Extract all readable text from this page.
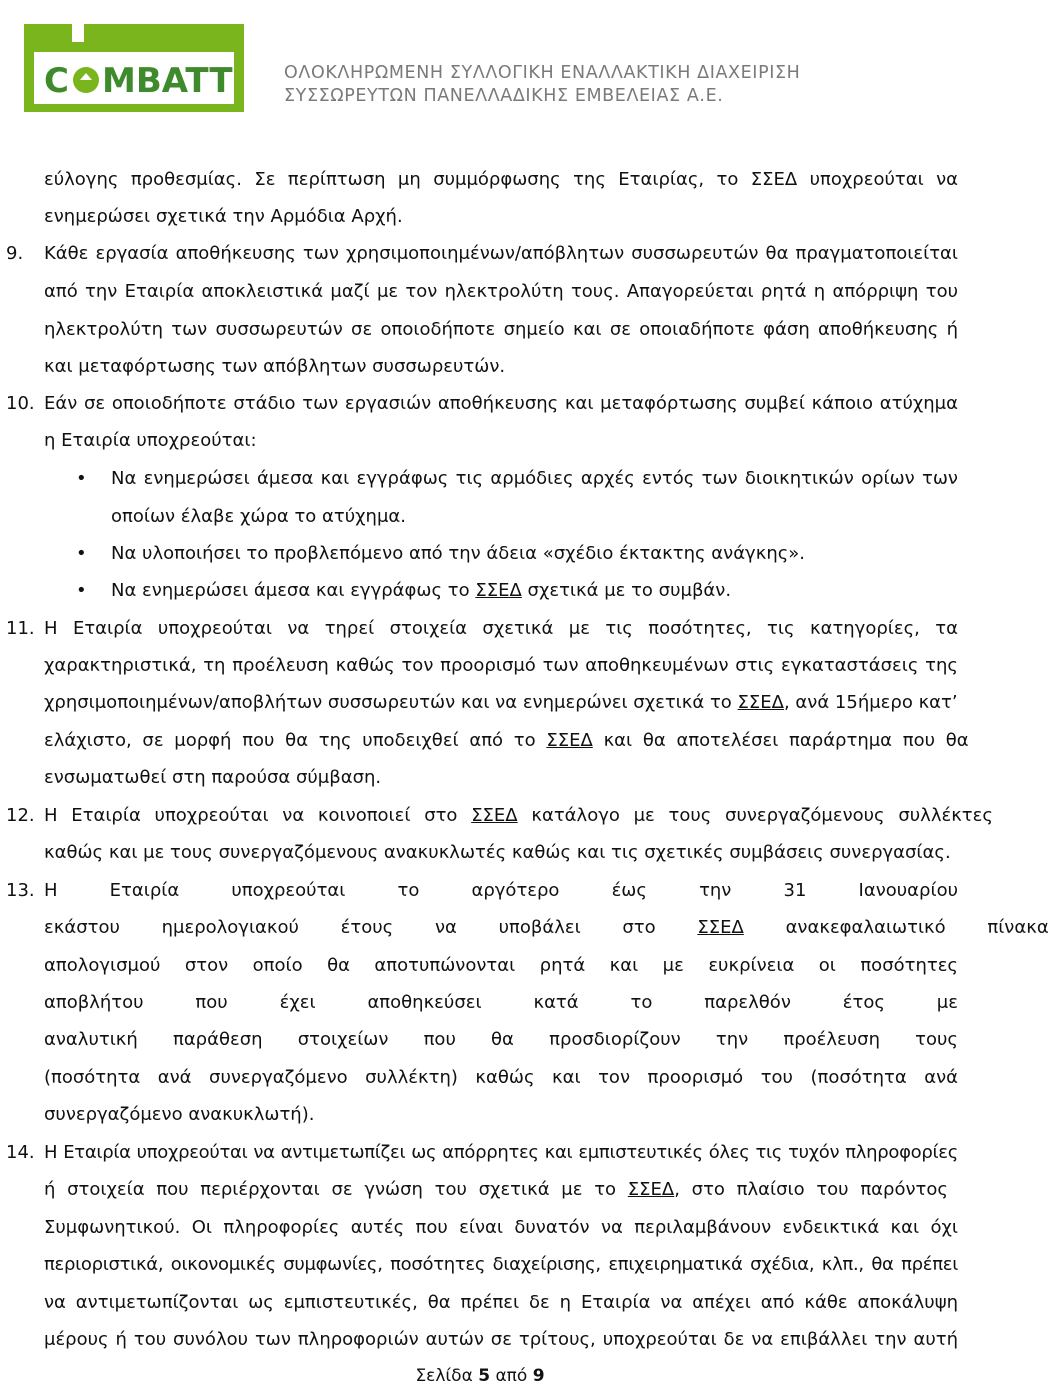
C MBATT	ΟΛΟΚΛΗΡΩΜΕΝΗ ΣΥΛΛΟΓΙΚΗ ΕΝΑΛΛΑΚΤΙΚΗ ΔΙΑΧΕΙΡΙΣΗ
ΣΥΣΣΩΡΕΥΤΩΝ ΠΑΝΕΛΛΑΔΙΚΗΣ ΕΜΒΕΛΕΙΑΣ Α.Ε.
εύλογης προθεσμίας. Σε περίπτωση μη συμμόρφωσης της Εταιρίας, το ΣΣΕΔ υποχρεούται να
ενημερώσει σχετικά την Αρμόδια Αρχή.
9. Κάθε εργασία αποθήκευσης των χρησιμοποιημένων/απόβλητων συσσωρευτών θα πραγματοποιείται
από την Εταιρία αποκλειστικά μαζί με τον ηλεκτρολύτη τους. Απαγορεύεται ρητά η απόρριψη του
ηλεκτρολύτη των συσσωρευτών σε οποιοδήποτε σημείο και σε οποιαδήποτε φάση αποθήκευσης ή
και μεταφόρτωσης των απόβλητων συσσωρευτών.
10. Εάν σε οποιοδήποτε στάδιο των εργασιών αποθήκευσης και μεταφόρτωσης συμβεί κάποιο ατύχημα
η Εταιρία υποχρεούται:
• Να ενημερώσει άμεσα και εγγράφως τις αρμόδιες αρχές εντός των διοικητικών ορίων των
οποίων έλαβε χώρα το ατύχημα.
• Να υλοποιήσει το προβλεπόμενο από την άδεια «σχέδιο έκτακτης ανάγκης».
• Να ενημερώσει άμεσα και εγγράφως το ΣΣΕΔ σχετικά με το συμβάν.
11. Η Εταιρία υποχρεούται να τηρεί στοιχεία σχετικά με τις ποσότητες, τις κατηγορίες, τα
χαρακτηριστικά, τη προέλευση καθώς τον προορισμό των αποθηκευμένων στις εγκαταστάσεις της
χρησιμοποιημένων/αποβλήτων συσσωρευτών και να ενημερώνει σχετικά το ΣΣΕΔ, ανά 15ήμερο κατ’
ελάχιστο, σε μορφή που θα της υποδειχθεί από το ΣΣΕΔ και θα αποτελέσει παράρτημα που θα
ενσωματωθεί στη παρούσα σύμβαση.
12. Η Εταιρία υποχρεούται να κοινοποιεί στο ΣΣΕΔ κατάλογο με τους συνεργαζόμενους συλλέκτες
καθώς και με τους συνεργαζόμενους ανακυκλωτές καθώς και τις σχετικές συμβάσεις συνεργασίας.
13. Η Εταιρία υποχρεούται το αργότερο έως την 31 Ιανουαρίου
εκάστου ημερολογιακού έτους να υποβάλει στο ΣΣΕΔ ανακεφαλαιωτικό πίνακα
απολογισμού στον οποίο θα αποτυπώνονται ρητά και με ευκρίνεια οι ποσότητες
αποβλήτου που έχει αποθηκεύσει κατά το παρελθόν έτος με
αναλυτική παράθεση στοιχείων που θα προσδιορίζουν την προέλευση τους
(ποσότητα ανά συνεργαζόμενο συλλέκτη) καθώς και τον προορισμό του (ποσότητα ανά
συνεργαζόμενο ανακυκλωτή).
14. Η Εταιρία υποχρεούται να αντιμετωπίζει ως απόρρητες και εμπιστευτικές όλες τις τυχόν πληροφορίες
ή στοιχεία που περιέρχονται σε γνώση του σχετικά με το ΣΣΕΔ, στο πλαίσιο του παρόντος
Συμφωνητικού. Οι πληροφορίες αυτές που είναι δυνατόν να περιλαμβάνουν ενδεικτικά και όχι
περιοριστικά, οικονομικές συμφωνίες, ποσότητες διαχείρισης, επιχειρηματικά σχέδια, κλπ., θα πρέπει
να αντιμετωπίζονται ως εμπιστευτικές, θα πρέπει δε η Εταιρία να απέχει από κάθε αποκάλυψη
μέρους ή του συνόλου των πληροφοριών αυτών σε τρίτους, υποχρεούται δε να επιβάλλει την αυτή
Σελίδα 5 από 9
